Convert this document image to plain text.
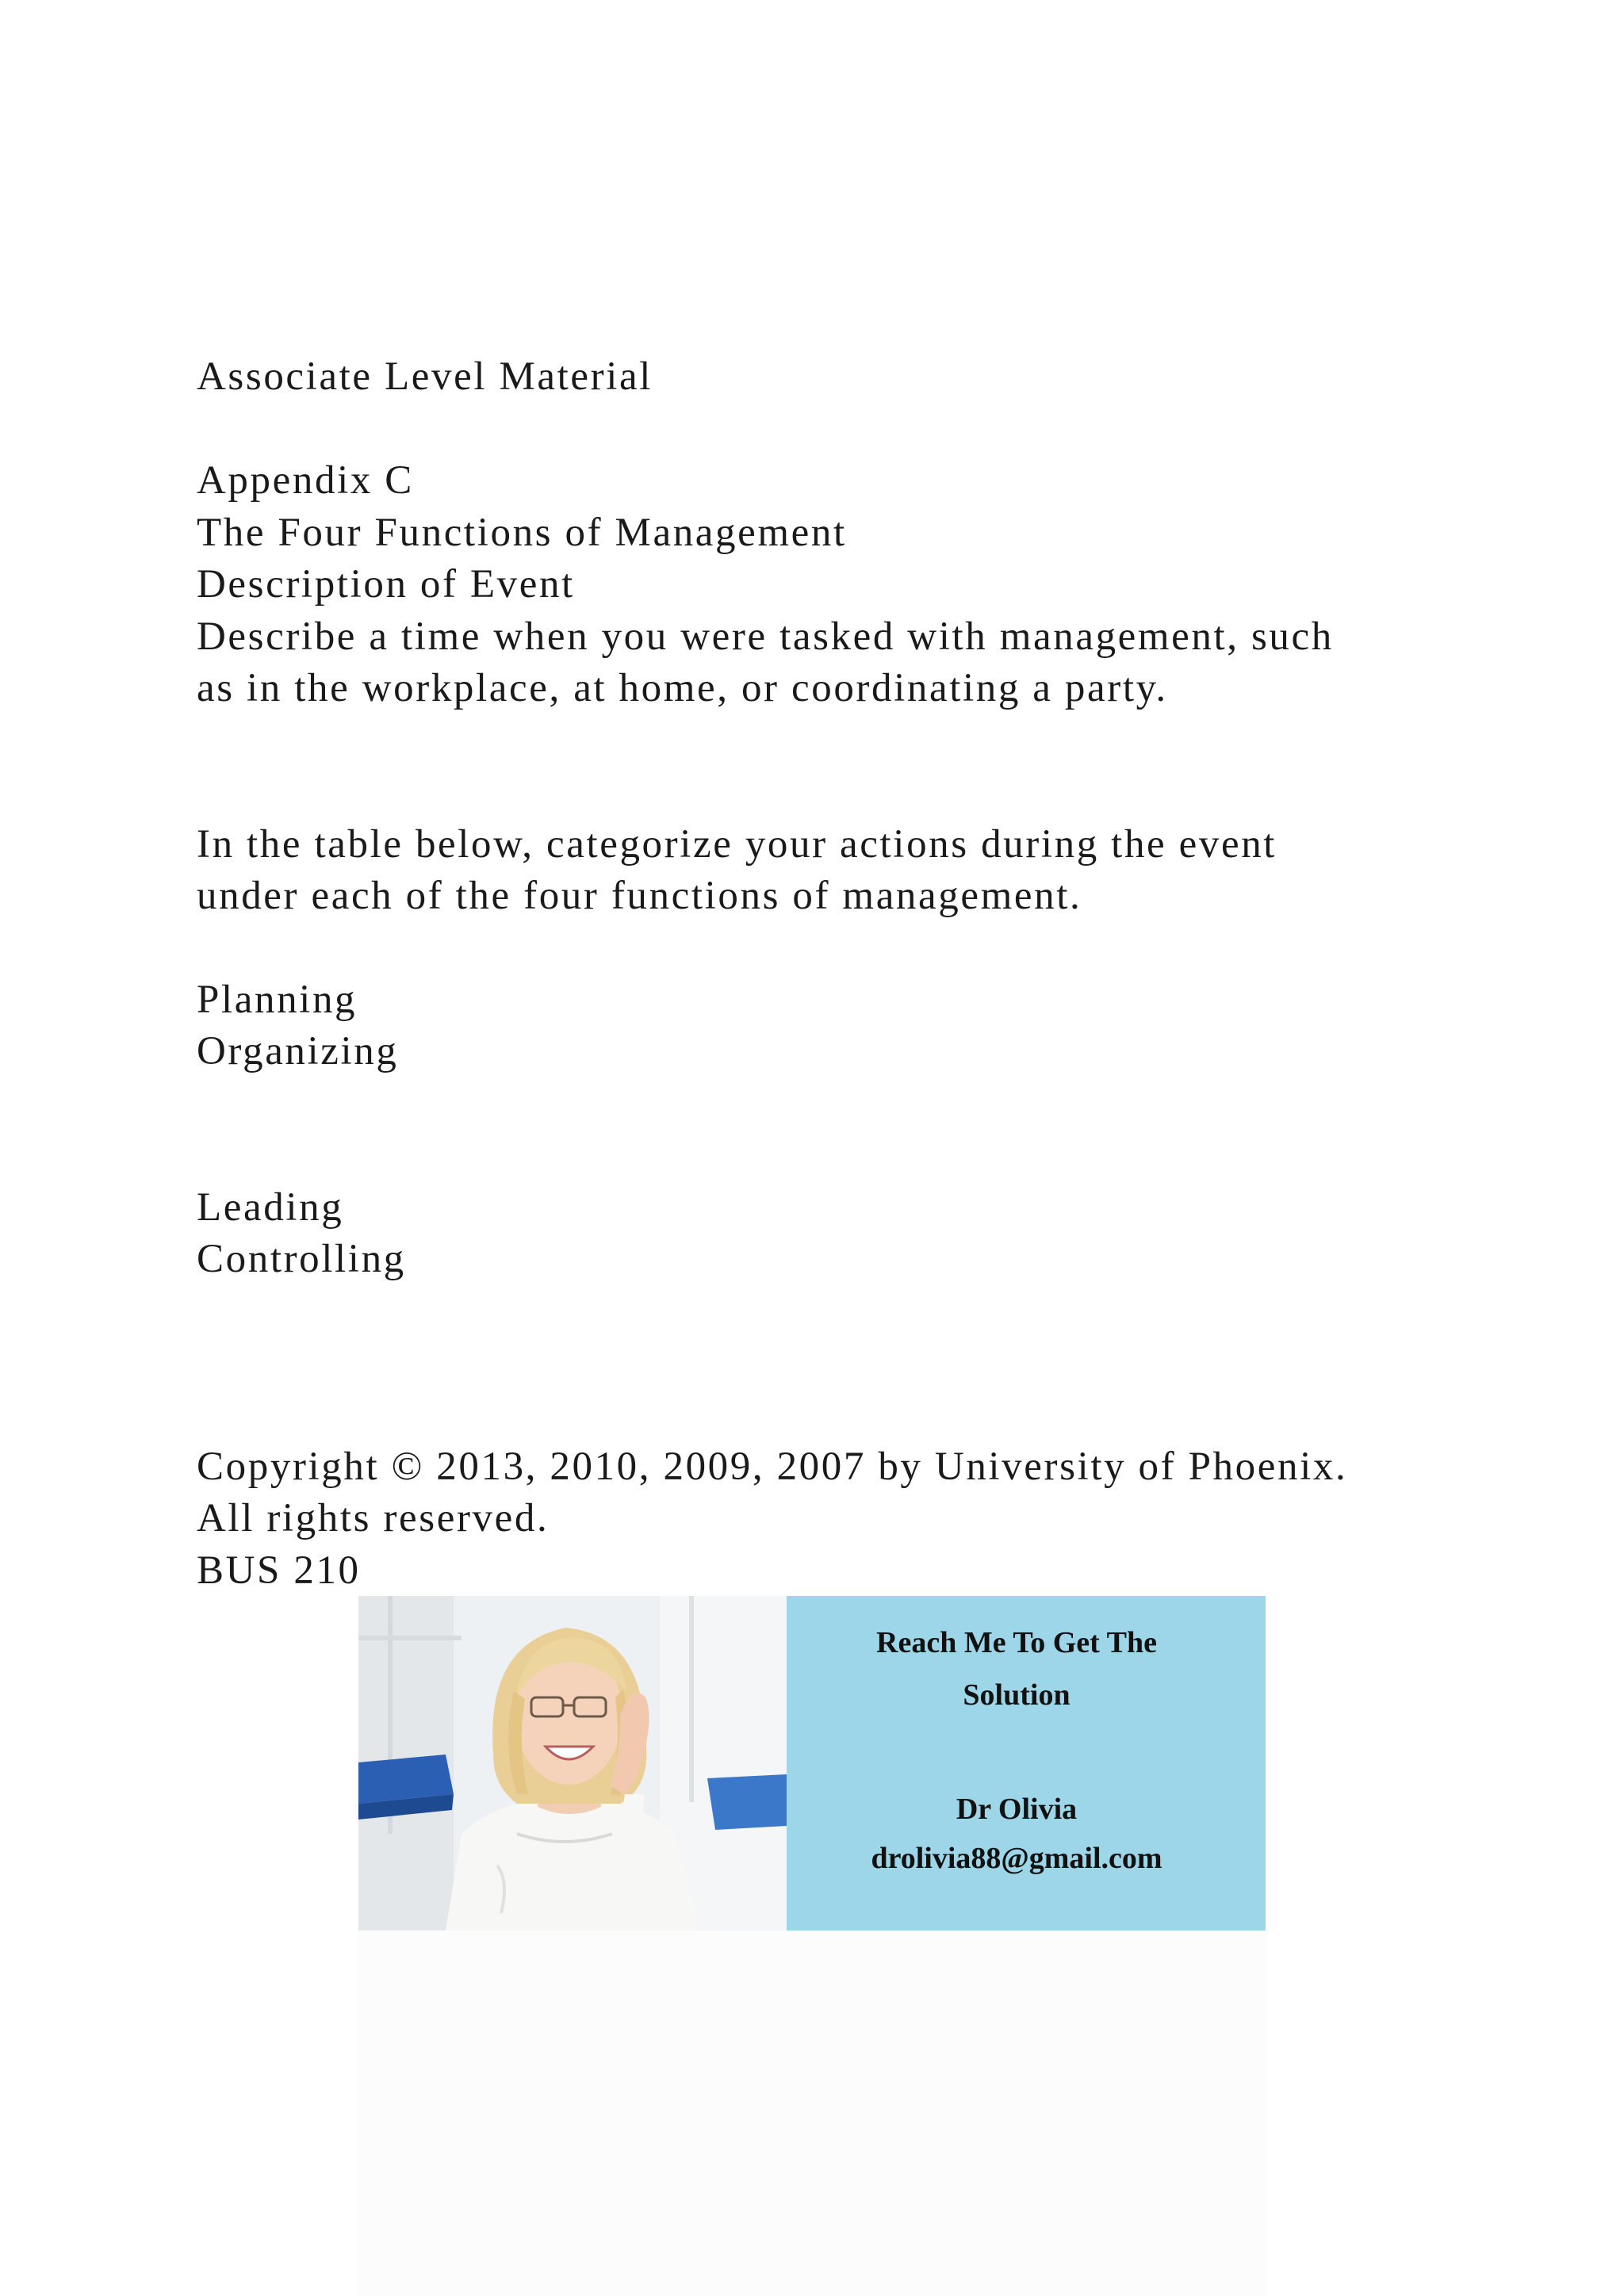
Associate Level Material

Appendix C

The Four Functions of Management

Description of Event

Describe a time when you were tasked with management, such

as in the workplace, at home, or coordinating a party.

In the table below, categorize your actions during the event

under each of the four functions of management.

Planning

Organizing

Leading

Controlling

Copyright © 2013, 2010, 2009, 2007 by University of Phoenix.

All rights reserved.

BUS 210

Reach Me To Get The

Solution

Dr Olivia

drolivia88@gmail.com
